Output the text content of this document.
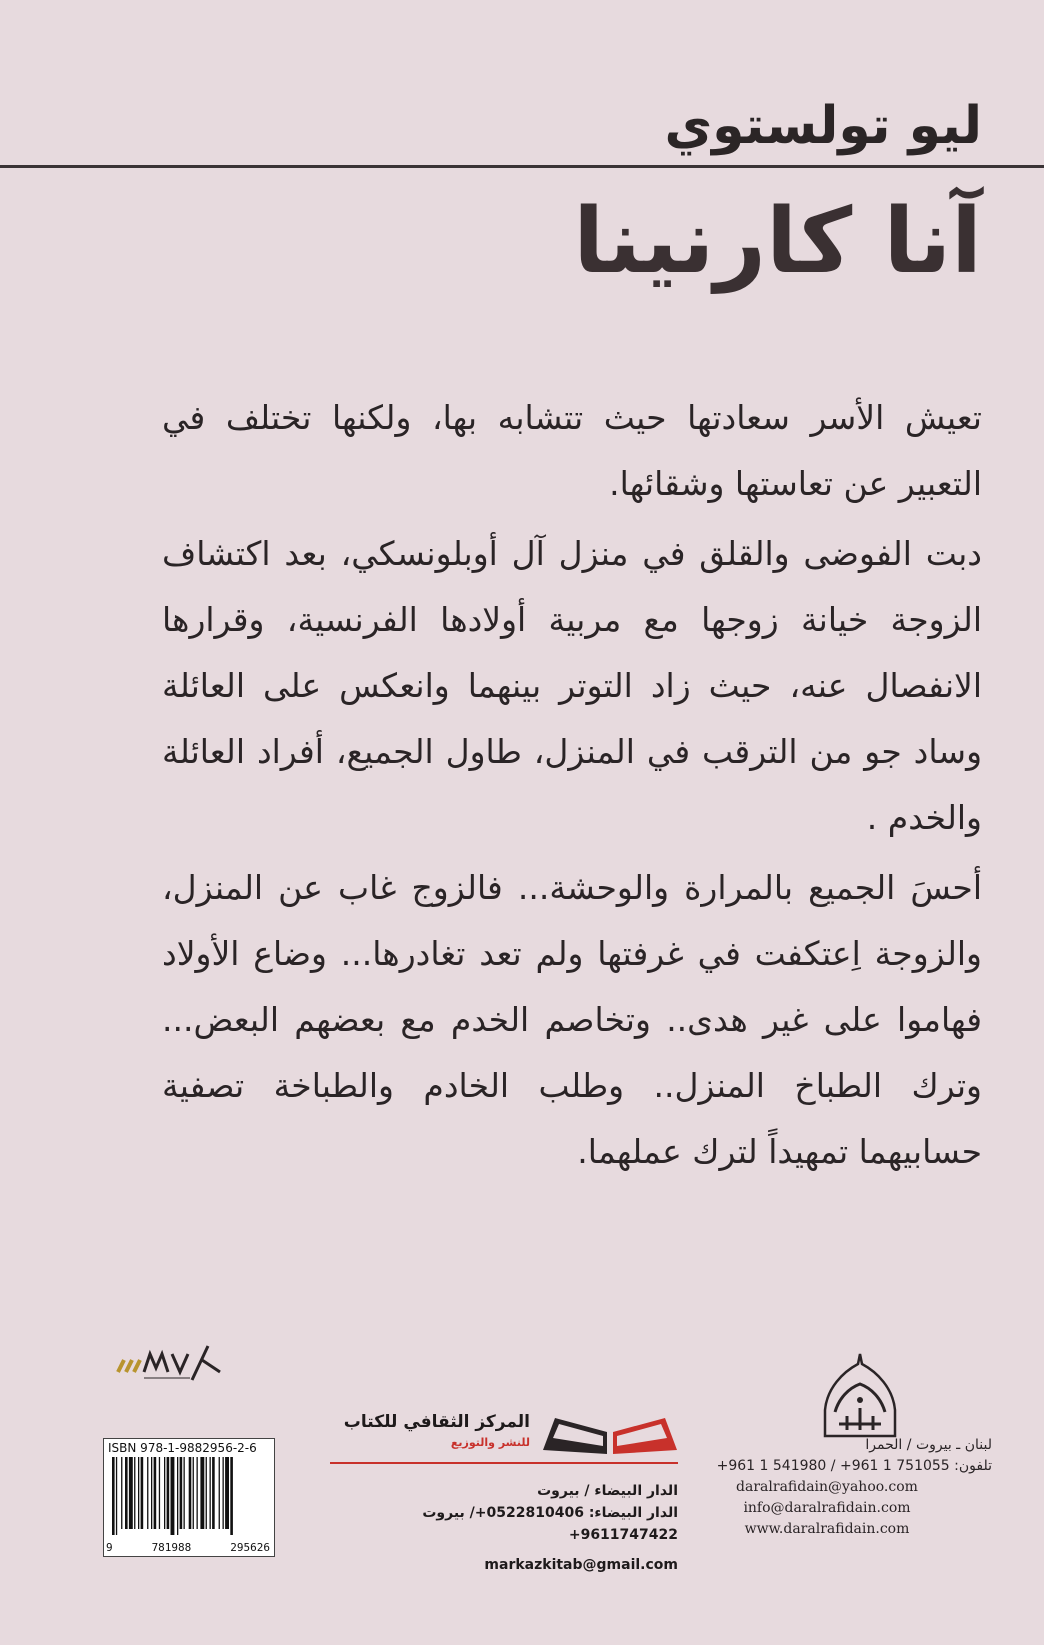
ليو تولستوي
آنا كارنينا

تعيش الأسر سعادتها حيث تتشابه بها، ولكنها تختلف في التعبير عن تعاستها وشقائها.

دبت الفوضى والقلق في منزل آل أوبلونسكي، بعد اكتشاف الزوجة خيانة زوجها مع مربية أولادها الفرنسية، وقرارها الانفصال عنه، حيث زاد التوتر بينهما وانعكس على العائلة وساد جو من الترقب في المنزل، طاول الجميع، أفراد العائلة والخدم .

أحسَ الجميع بالمرارة والوحشة... فالزوج غاب عن المنزل، والزوجة اِعتكفت في غرفتها ولم تعد تغادرها... وضاع الأولاد فهاموا على غير هدى.. وتخاصم الخدم مع بعضهم البعض... وترك الطباخ المنزل.. وطلب الخادم والطباخة تصفية حسابيهما تمهيداً لترك عملهما.

لبنان ـ بيروت / الحمرا
تلفون: 751055 1 961+ / 541980 1 961+
daralrafidain@yahoo.com
info@daralrafidain.com
www.daralrafidain.com
المركز الثقافي للكتاب
للنشر والتوزيع
الدار البيضاء / بيروت
الدار البيضاء: 0522810406+/ بيروت 9611747422+
markazkitab@gmail.com
ISBN 978-1-9882956-2-6
9	781988	295626
